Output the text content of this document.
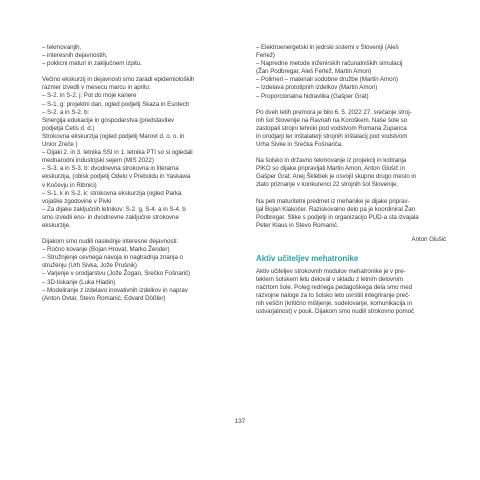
– tekmovanjih,
– interesnih dejavnostih,
– poklicni maturi in zaključnem izpitu.
Večino ekskurzij in dejavnosti smo zaradi epidemioloških
razmer izvedli v mesecu marcu in aprilu:
– S-2. in S-2. j: Pot do moje kariere
– S-1. g: projektni dan, ogled podjetij Skaza in Esotech
– S-2. a in S-2. b:
Sinergija edukacije in gospodarstva (predstavitev
podjetja Cetis d. d.)
Strokovna ekskurzija (ogled podjetij Marovt d. o. o. in
Unior Zreče )
– Dijaki 2. in 3. letnika SSI in 1. letnika PTI so si ogledali
mednarodni industrijski sejem (MIS 2022)
– S-3. a in S-3. b: dvodnevna strokovna in literarna
ekskurzija, (obisk podjetij Odelo v Preboldu in Yaskawa
v Kočevju in Ribnici)
– S-1. k in S-2. k: strokovna ekskurzija (ogled Parka
vojaške zgodovine v Pivki
– Za dijake zaključnih letnikov: S-2. g, S-4. a in S-4. b
smo izvedli eno- in dvodnevne zaključne strokovne
ekskurzije.
Dijakom smo nudili naslednje interesne dejavnosti:
– Ročno kovanje (Bojan Hrovat, Marko Žender)
– Stružnjenje cevnega navoja in naglradnja znanja o
struženju (Urh Sivka, Jože Prušnik)
– Varjenje v orodjarstvu (Jože Žogan, Srečko Fošnarič)
– 3D-tiskanje (Luka Hladin)
– Modeliranje z izdelavo inovativnih izdelkov in naprav
(Anton Ovtar, Stevo Romanić, Edvard Dößler)
– Elektroenergetski in jedrski sistemi v Sloveniji (Aleš
Ferlež)
– Napredne metode inženirskih računalniških simulacij
(Žan Podbregar, Aleš Ferlež, Martin Amon)
– Polimeri – materiali sodobne družbe (Martin Amon)
– Izdelava prototipnih izdelkov (Martin Amon)
– Proporcionalna hidravlika (Gašper Grat)
Po dveh letih premora je bilo 6. 5. 2022 27. srečanje stroj-
nih šol Slovenije na Ravnah na Koroškem. Naše šole so
zastopali strojni tehniki pod vodstvom Romana Zupanca
in orodjarji ter inštalaterji strojnih inštalacij pod vodstvom
Urha Sivke in Srečka Fošnariča.
Na šolsko in državno tekmovanje iz projekcij in kotiranja
PIKO so dijake pripravljali Martin Amon, Anton Glušič in
Gašper Grat. Anej Šklebek je osvojil skupno drugo mesto in
zlato priznanje v konkurenci 22 strojnih šol Slovenije.
Na peti maturitetni predmet iz mehanike je dijake priprav-
ljal Bojan Klakočer. Raziskovalno delo pa je koordiniral Žan
Podbregar. Stike s podjetji in organizacijo PUD-a sta izvajala
Peter Klaus in Stevo Romanić.
Anton Glušič
Aktiv učiteljev mehatronike
Aktiv učiteljev strokovnih modulov mehatronike je v pre-
teklem šolskem letu deloval v skladu z letnim delovnim
načrtom šole. Poleg rednega pedagoškega dela smo med
razvojne naloge za to šolsko leto uvrstili integriranje preč-
nih veščin (kritično mišljenje, sodelovanje, komunikacija in
ustvarjalnost) v pouk. Dijakom smo nudili strokovno pomoč
137
